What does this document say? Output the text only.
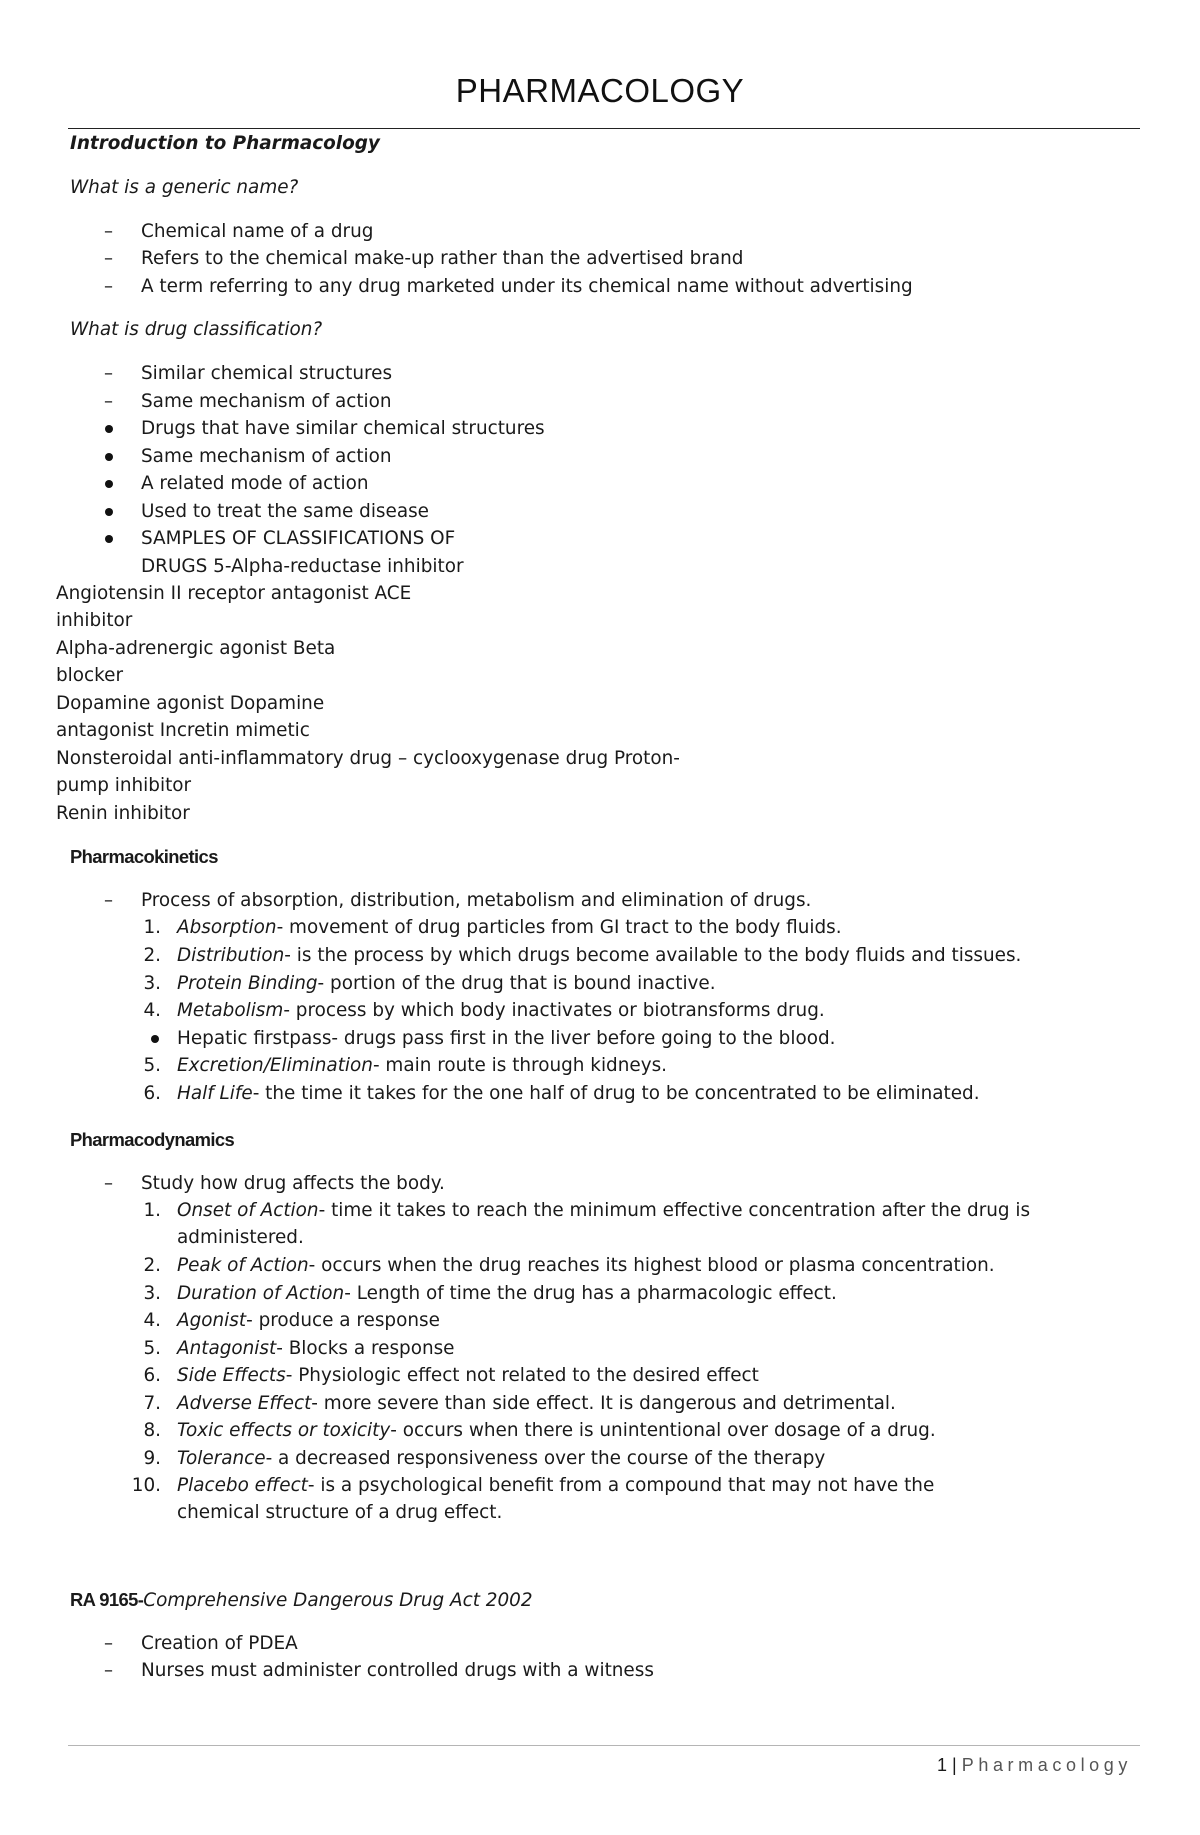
PHARMACOLOGY
Introduction to Pharmacology
What is a generic name?
– Chemical name of a drug
– Refers to the chemical make-up rather than the advertised brand
– A term referring to any drug marketed under its chemical name without advertising
What is drug classification?
– Similar chemical structures
– Same mechanism of action
Drugs that have similar chemical structures
Same mechanism of action
A related mode of action
Used to treat the same disease
SAMPLES OF CLASSIFICATIONS OF
DRUGS 5-Alpha-reductase inhibitor
Angiotensin II receptor antagonist ACE
inhibitor
Alpha-adrenergic agonist Beta
blocker
Dopamine agonist Dopamine
antagonist Incretin mimetic
Nonsteroidal anti-inflammatory drug – cyclooxygenase drug Proton-
pump inhibitor
Renin inhibitor
Pharmacokinetics
– Process of absorption, distribution, metabolism and elimination of drugs.
1. Absorption- movement of drug particles from GI tract to the body fluids.
2. Distribution- is the process by which drugs become available to the body fluids and tissues.
3. Protein Binding- portion of the drug that is bound inactive.
4. Metabolism- process by which body inactivates or biotransforms drug.
Hepatic firstpass- drugs pass first in the liver before going to the blood.
5. Excretion/Elimination- main route is through kidneys.
6. Half Life- the time it takes for the one half of drug to be concentrated to be eliminated.
Pharmacodynamics
– Study how drug affects the body.
1. Onset of Action- time it takes to reach the minimum effective concentration after the drug is
administered.
2. Peak of Action- occurs when the drug reaches its highest blood or plasma concentration.
3. Duration of Action- Length of time the drug has a pharmacologic effect.
4. Agonist- produce a response
5. Antagonist- Blocks a response
6. Side Effects- Physiologic effect not related to the desired effect
7. Adverse Effect- more severe than side effect. It is dangerous and detrimental.
8. Toxic effects or toxicity- occurs when there is unintentional over dosage of a drug.
9. Tolerance- a decreased responsiveness over the course of the therapy
10. Placebo effect- is a psychological benefit from a compound that may not have the
chemical structure of a drug effect.
RA 9165-Comprehensive Dangerous Drug Act 2002
– Creation of PDEA
– Nurses must administer controlled drugs with a witness
1 | Pharmacology
